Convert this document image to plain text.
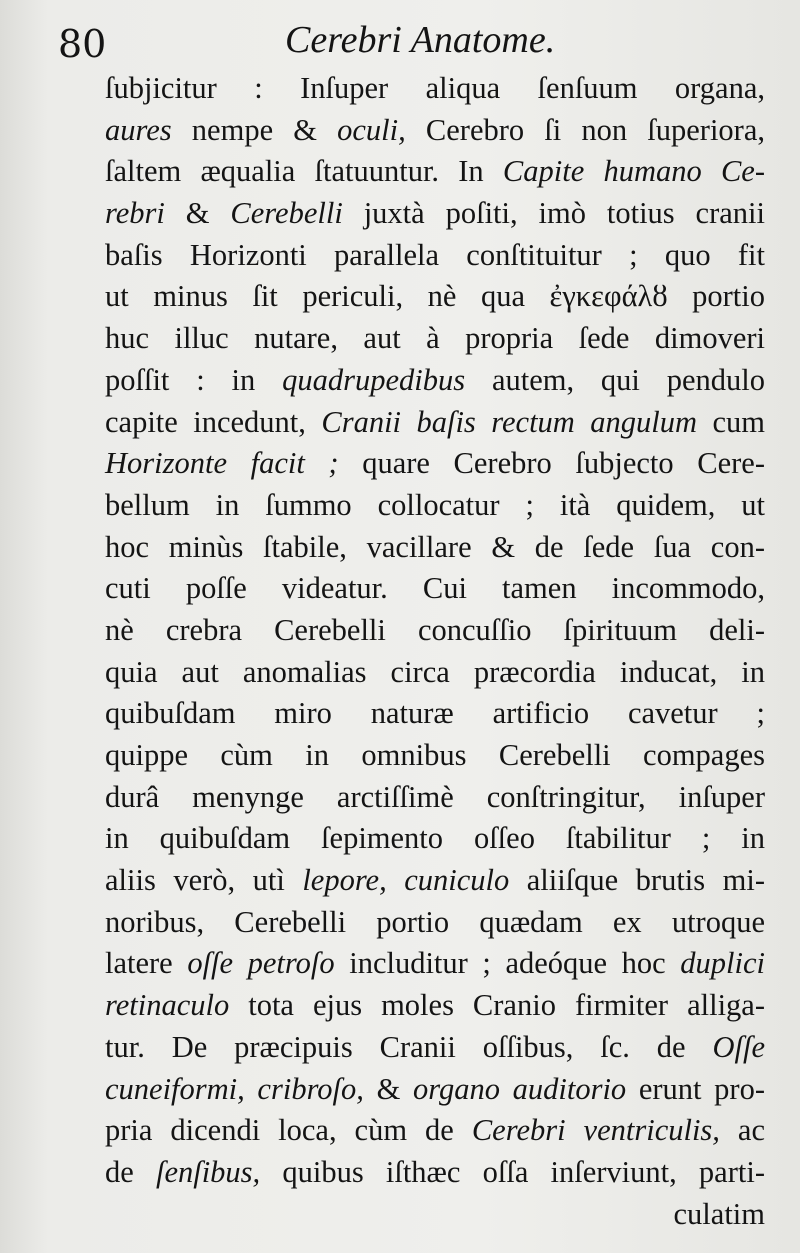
80	Cerebri Anatome.
ſubjicitur : Inſuper aliqua ſenſuum organa,
aures nempe & oculi, Cerebro ſi non ſuperiora,
ſaltem æqualia ſtatuuntur. In Capite humano Ce-
rebri & Cerebelli juxtà poſiti, imò totius cranii
baſis Horizonti parallela conſtituitur ; quo fit
ut minus ſit periculi, nè qua ἐγκεφάλȣ portio
huc illuc nutare, aut à propria ſede dimoveri
poſſit : in quadrupedibus autem, qui pendulo
capite incedunt, Cranii baſis rectum angulum cum
Horizonte facit ; quare Cerebro ſubjecto Cere-
bellum in ſummo collocatur ; ità quidem, ut
hoc minùs ſtabile, vacillare & de ſede ſua con-
cuti poſſe videatur. Cui tamen incommodo,
nè crebra Cerebelli concuſſio ſpirituum deli-
quia aut anomalias circa præcordia inducat, in
quibuſdam miro naturæ artificio cavetur ;
quippe cùm in omnibus Cerebelli compages
durâ menynge arctiſſimè conſtringitur, inſuper
in quibuſdam ſepimento oſſeo ſtabilitur ; in
aliis verò, utì lepore, cuniculo aliiſque brutis mi-
noribus, Cerebelli portio quædam ex utroque
latere oſſe petroſo includitur ; adeóque hoc duplici
retinaculo tota ejus moles Cranio firmiter alliga-
tur. De præcipuis Cranii oſſibus, ſc. de Oſſe
cuneiformi, cribroſo, & organo auditorio erunt pro-
pria dicendi loca, cùm de Cerebri ventriculis, ac
de ſenſibus, quibus iſthæc oſſa inſerviunt, parti-
culatim
